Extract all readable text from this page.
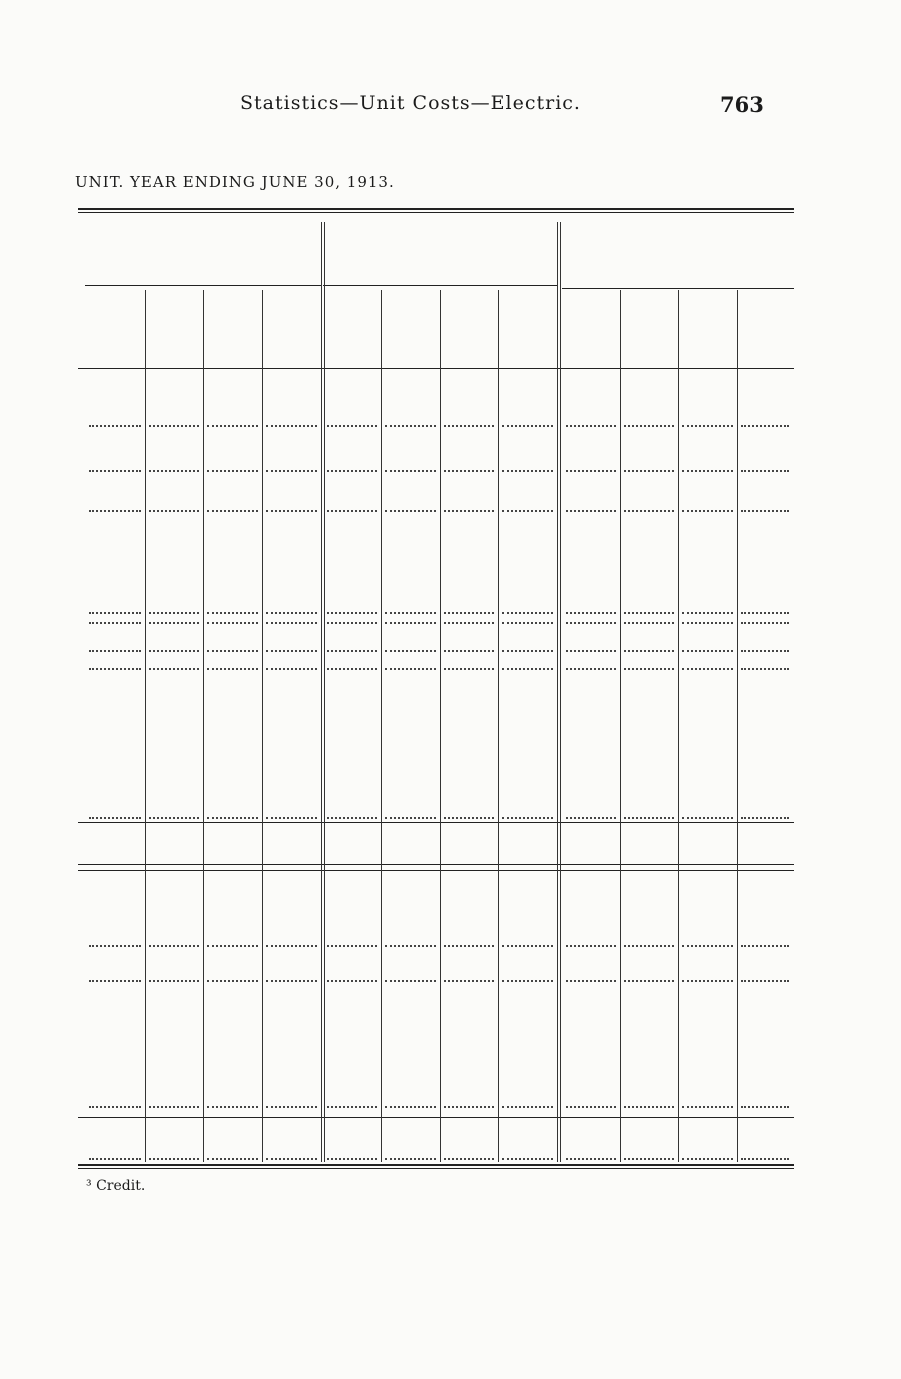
Statistics—Unit Costs—Electric.	763
UNIT. YEAR ENDING JUNE 30, 1913.
³ Credit.
